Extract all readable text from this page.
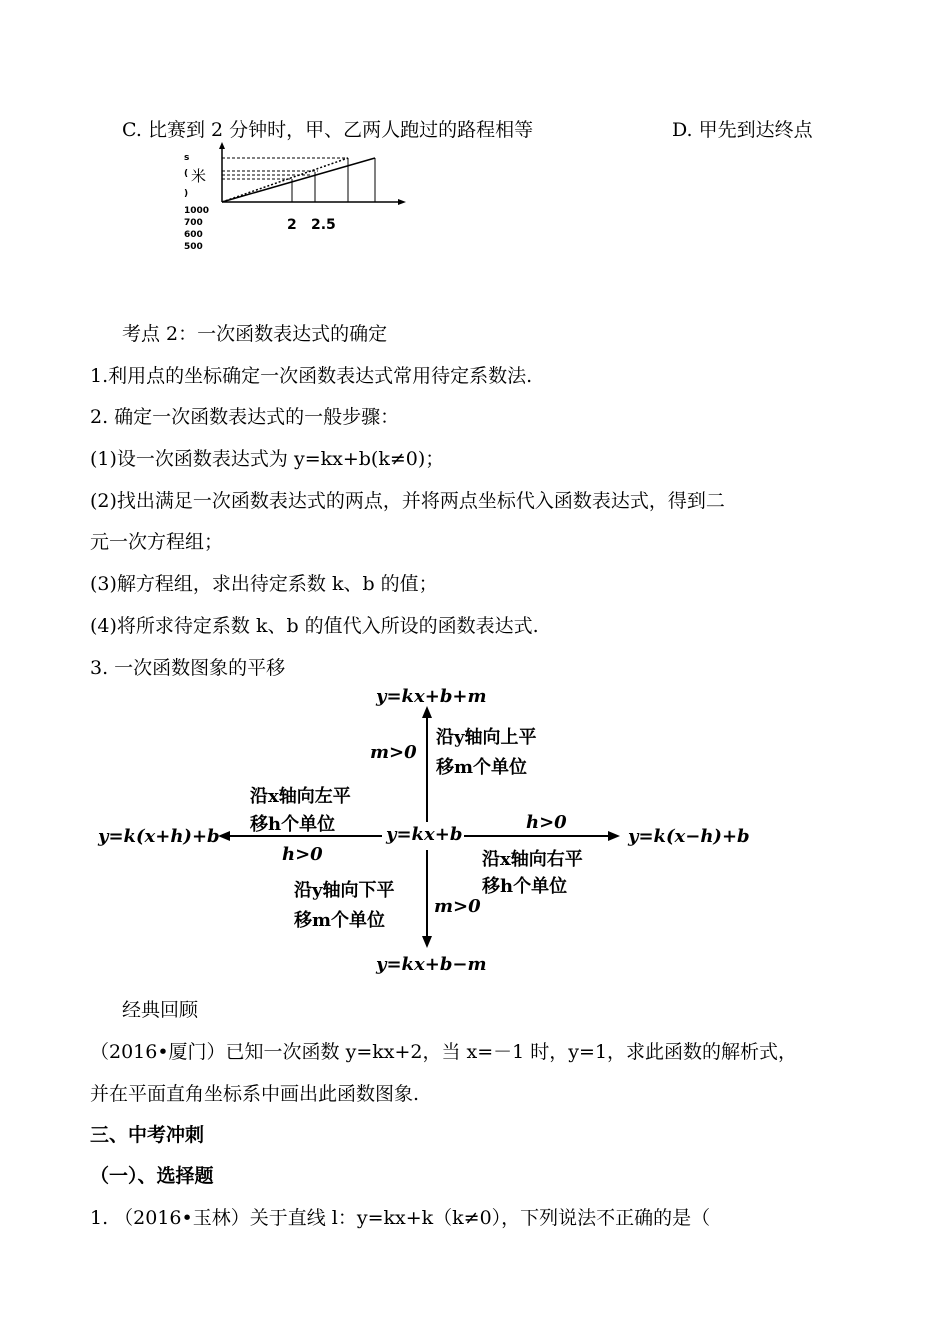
C. 比赛到 2 分钟时，甲、乙两人跑过的路程相等	D. 甲先到达终点
s
( 米
)
1000
700
600
500
2 2.5
考点 2：一次函数表达式的确定
1.利用点的坐标确定一次函数表达式常用待定系数法.
2. 确定一次函数表达式的一般步骤：
(1)设一次函数表达式为 y=kx+b(k≠0)；
(2)找出满足一次函数表达式的两点，并将两点坐标代入函数表达式，得到二
元一次方程组；
(3)解方程组，求出待定系数 k、b 的值；
(4)将所求待定系数 k、b 的值代入所设的函数表达式.
3. 一次函数图象的平移
y=kx+b+m
m>0
沿y轴向上平
移m个单位
沿x轴向左平
移h个单位
y=k(x+h)+b	y=kx+b
h>0
h>0
y=k(x−h)+b
沿x轴向右平
移h个单位
沿y轴向下平
移m个单位
m>0
y=kx+b−m
经典回顾
（2016•厦门）已知一次函数 y=kx+2，当 x=－1 时，y=1，求此函数的解析式，
并在平面直角坐标系中画出此函数图象.
三、中考冲刺
（一）、选择题
1. （2016•玉林）关于直线 l：y=kx+k（k≠0），下列说法不正确的是（
